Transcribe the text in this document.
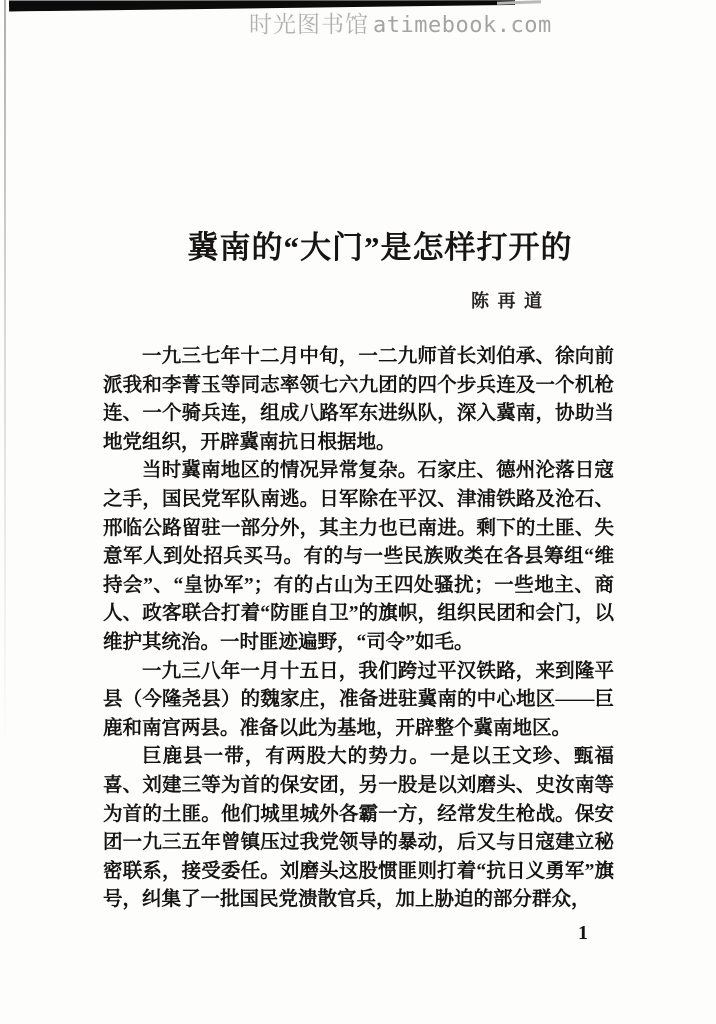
时光图书馆 atimebook.com
冀南的“大门”是怎样打开的
陈 再 道

一九三七年十二月中旬，一二九师首长刘伯承、徐向前派我和李菁玉等同志率领七六九团的四个步兵连及一个机枪连、一个骑兵连，组成八路军东进纵队，深入冀南，协助当地党组织，开辟冀南抗日根据地。

当时冀南地区的情况异常复杂。石家庄、德州沦落日寇之手，国民党军队南逃。日军除在平汉、津浦铁路及沧石、邢临公路留驻一部分外，其主力也已南进。剩下的土匪、失意军人到处招兵买马。有的与一些民族败类在各县筹组“维持会”、“皇协军”；有的占山为王四处骚扰；一些地主、商人、政客联合打着“防匪自卫”的旗帜，组织民团和会门，以维护其统治。一时匪迹遍野，“司令”如毛。

一九三八年一月十五日，我们跨过平汉铁路，来到隆平县（今隆尧县）的魏家庄，准备进驻冀南的中心地区——巨鹿和南宫两县。准备以此为基地，开辟整个冀南地区。

巨鹿县一带，有两股大的势力。一是以王文珍、甄福喜、刘建三等为首的保安团，另一股是以刘磨头、史汝南等为首的土匪。他们城里城外各霸一方，经常发生枪战。保安团一九三五年曾镇压过我党领导的暴动，后又与日寇建立秘密联系，接受委任。刘磨头这股惯匪则打着“抗日义勇军”旗号，纠集了一批国民党溃散官兵，加上胁迫的部分群众，

1
